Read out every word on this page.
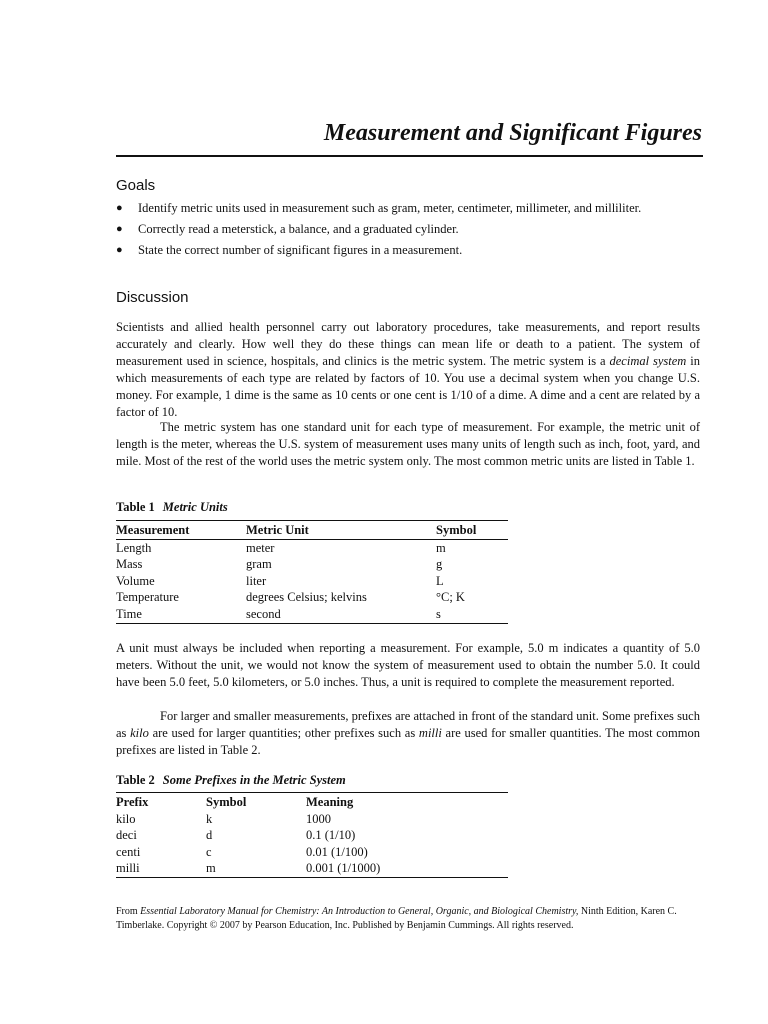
Measurement and Significant Figures
Goals
● Identify metric units used in measurement such as gram, meter, centimeter, millimeter, and milliliter.
● Correctly read a meterstick, a balance, and a graduated cylinder.
● State the correct number of significant figures in a measurement.
Discussion

Scientists and allied health personnel carry out laboratory procedures, take measurements, and report results accurately and clearly. How well they do these things can mean life or death to a patient. The system of measurement used in science, hospitals, and clinics is the metric system. The metric system is a decimal system in which measurements of each type are related by factors of 10. You use a decimal system when you change U.S. money. For example, 1 dime is the same as 10 cents or one cent is 1/10 of a dime. A dime and a cent are related by a factor of 10.

The metric system has one standard unit for each type of measurement. For example, the metric unit of length is the meter, whereas the U.S. system of measurement uses many units of length such as inch, foot, yard, and mile. Most of the rest of the world uses the metric system only. The most common metric units are listed in Table 1.

Table 1 Metric Units
Measurement	Metric Unit	Symbol
Length	meter	m
Mass	gram	g
Volume	liter	L
Temperature	degrees Celsius; kelvins	°C; K
Time	second	s

A unit must always be included when reporting a measurement. For example, 5.0 m indicates a quantity of 5.0 meters. Without the unit, we would not know the system of measurement used to obtain the number 5.0. It could have been 5.0 feet, 5.0 kilometers, or 5.0 inches. Thus, a unit is required to complete the measurement reported.

For larger and smaller measurements, prefixes are attached in front of the standard unit. Some prefixes such as kilo are used for larger quantities; other prefixes such as milli are used for smaller quantities. The most common prefixes are listed in Table 2.

Table 2 Some Prefixes in the Metric System
Prefix	Symbol	Meaning
kilo	k	1000
deci	d	0.1 (1/10)
centi	c	0.01 (1/100)
milli	m	0.001 (1/1000)
From Essential Laboratory Manual for Chemistry: An Introduction to General, Organic, and Biological Chemistry, Ninth Edition, Karen C. Timberlake. Copyright © 2007 by Pearson Education, Inc. Published by Benjamin Cummings. All rights reserved.
